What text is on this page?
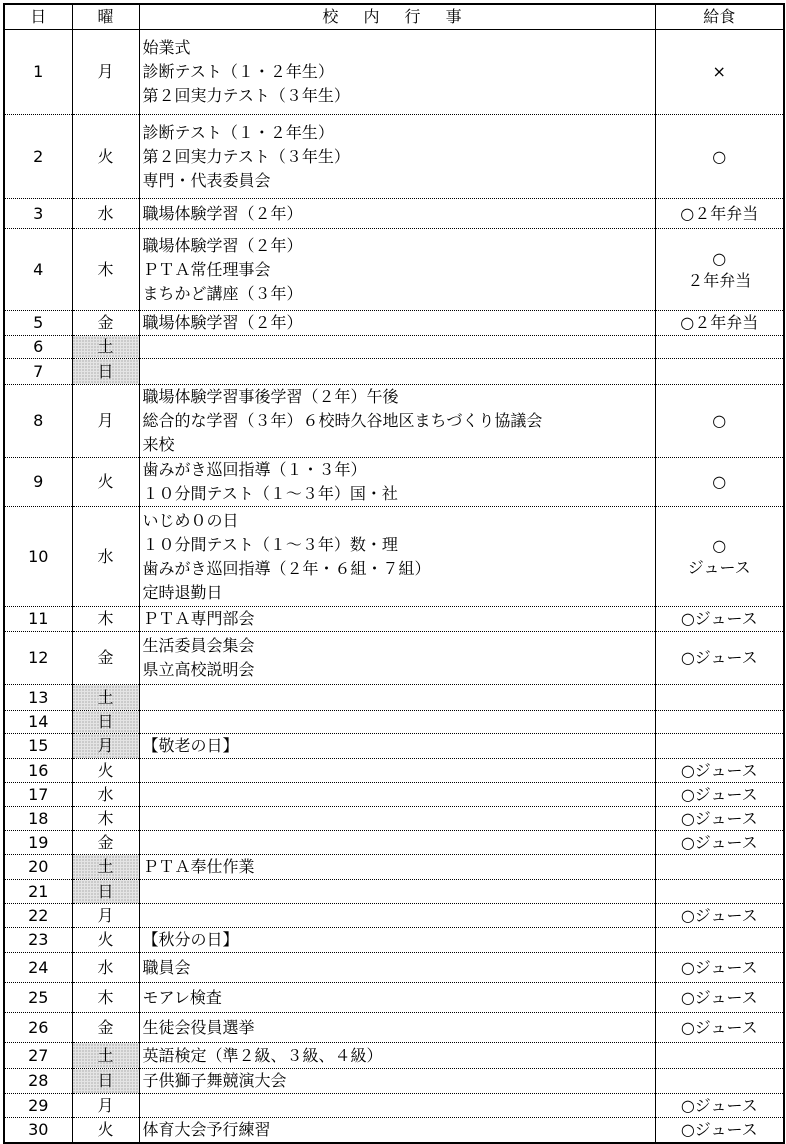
日	曜	校 内 行 事	給食
1	月	始業式
診断テスト（１・２年生）
第２回実力テスト（３年生）	×

2	火	診断テスト（１・２年生）
第２回実力テスト（３年生）
専門・代表委員会	○

3	水	職場体験学習（２年）	○２年弁当

4	木	職場体験学習（２年）
ＰＴＡ常任理事会
まちかど講座（３年）	○
２年弁当

5	金	職場体験学習（２年）	○２年弁当

6	土		
7	日		
8	月	職場体験学習事後学習（２年）午後
総合的な学習（３年）６校時久谷地区まちづくり協議会
来校	○

9	火	歯みがき巡回指導（１・３年）
１０分間テスト（１～３年）国・社	○

10	水	いじめ０の日
１０分間テスト（１～３年）数・理
歯みがき巡回指導（２年・６組・７組）
定時退勤日	○
ジュース

11	木	ＰＴＡ専門部会	○ジュース

12	金	生活委員会集会
県立高校説明会	○ジュース

13	土		
14	日		
15	月	【敬老の日】	

16	火		○ジュース

17	水		○ジュース

18	木		○ジュース

19	金		○ジュース

20	土	ＰＴＡ奉仕作業	

21	日		
22	月		○ジュース

23	火	【秋分の日】	

24	水	職員会	○ジュース

25	木	モアレ検査	○ジュース

26	金	生徒会役員選挙	○ジュース

27	土	英語検定（準２級、３級、４級）	

28	日	子供獅子舞競演大会	

29	月		○ジュース

30	火	体育大会予行練習	○ジュース
